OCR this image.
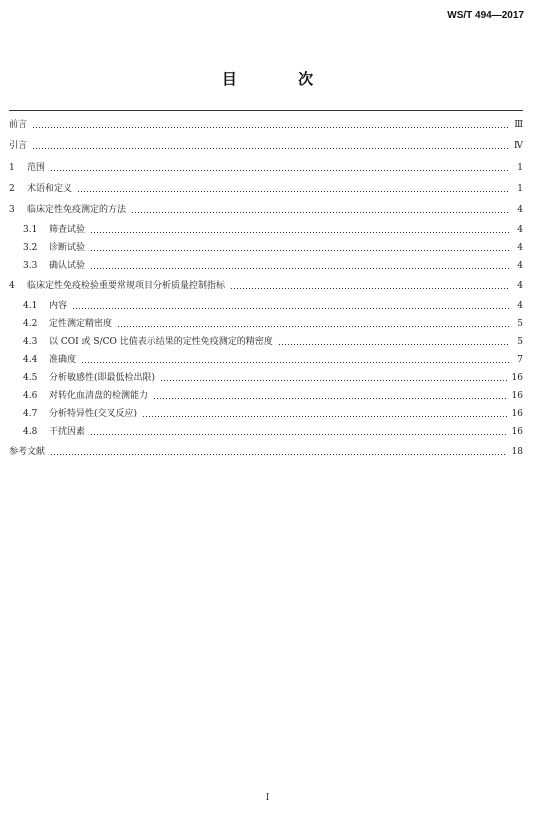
WS/T 494—2017
目 次
前言	Ⅲ
引言	Ⅳ
1	范围	1
2	术语和定义	1
3	临床定性免疫测定的方法	4
3.1	筛查试验	4
3.2	诊断试验	4
3.3	确认试验	4
4	临床定性免疫检验重要常规项目分析质量控制指标	4
4.1	内容	4
4.2	定性测定精密度	5
4.3	以 COI 或 S/CO 比值表示结果的定性免疫测定的精密度	5
4.4	准确度	7
4.5	分析敏感性(即最低检出限)	16
4.6	对转化血清盘的检测能力	16
4.7	分析特异性(交叉反应)	16
4.8	干扰因素	16
参考文献	18
I
